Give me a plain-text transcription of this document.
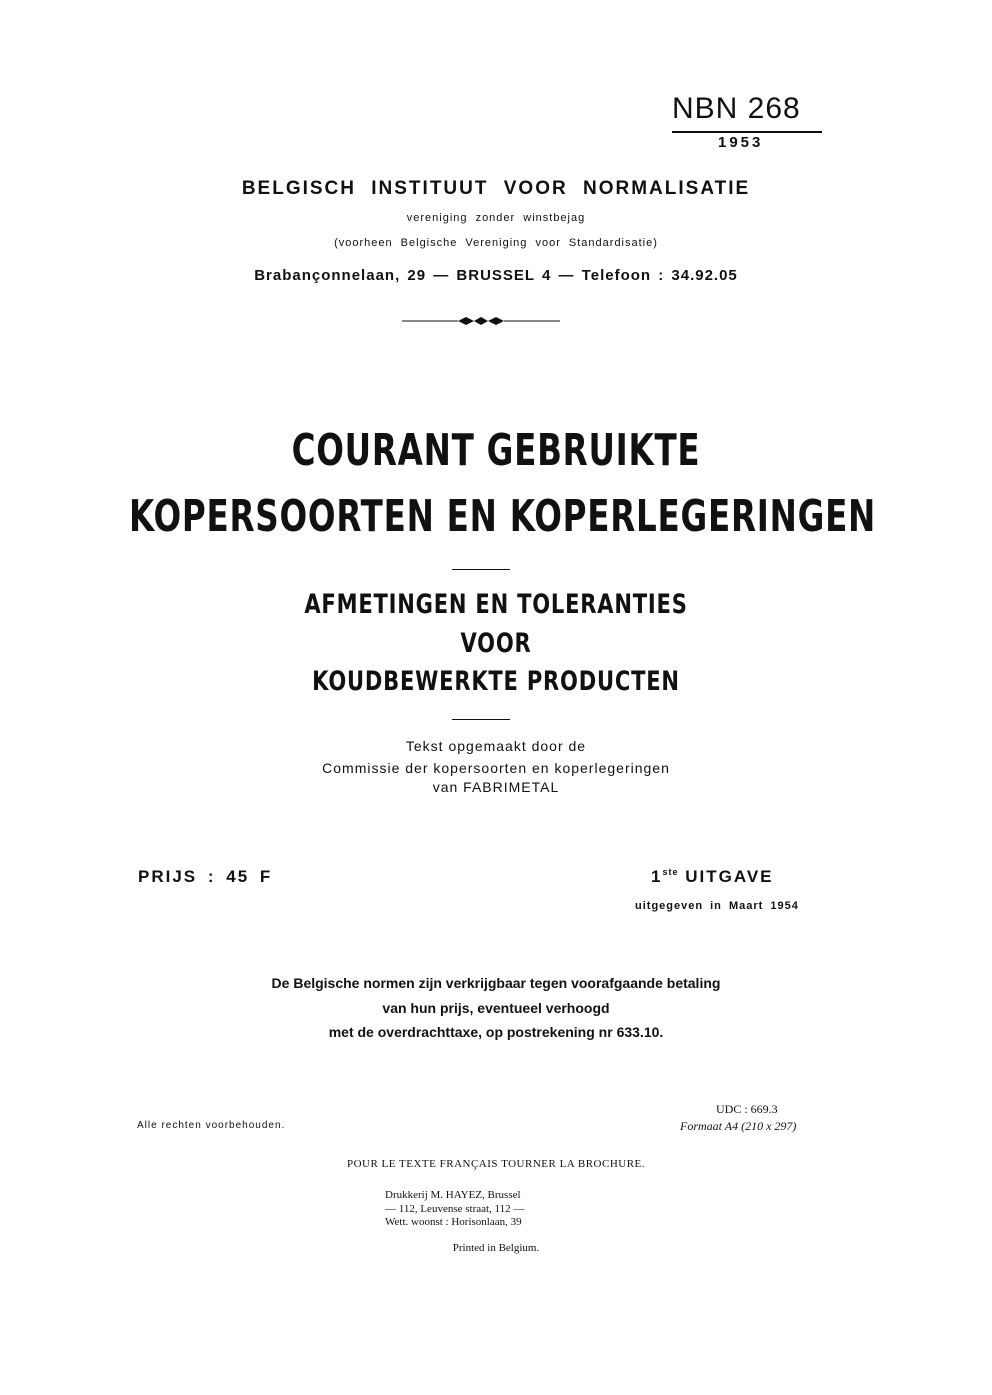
NBN 268
1953
BELGISCH INSTITUUT VOOR NORMALISATIE
vereniging zonder winstbejag
(voorheen Belgische Vereniging voor Standardisatie)
Brabançonnelaan, 29 — BRUSSEL 4 — Telefoon : 34.92.05
COURANT GEBRUIKTE
KOPERSOORTEN EN KOPERLEGERINGEN
AFMETINGEN EN TOLERANTIES
VOOR
KOUDBEWERKTE PRODUCTEN
Tekst opgemaakt door de
Commissie der kopersoorten en koperlegeringen
van FABRIMETAL
PRIJS : 45 F	1ste UITGAVE
uitgegeven in Maart 1954
De Belgische normen zijn verkrijgbaar tegen voorafgaande betaling
van hun prijs, eventueel verhoogd
met de overdrachttaxe, op postrekening nr 633.10.
Alle rechten voorbehouden.
UDC : 669.3
Formaat A4 (210 x 297)
POUR LE TEXTE FRANÇAIS TOURNER LA BROCHURE.
Drukkerij M. HAYEZ, Brussel
— 112, Leuvense straat, 112 —
Wett. woonst : Horisonlaan, 39
Printed in Belgium.
